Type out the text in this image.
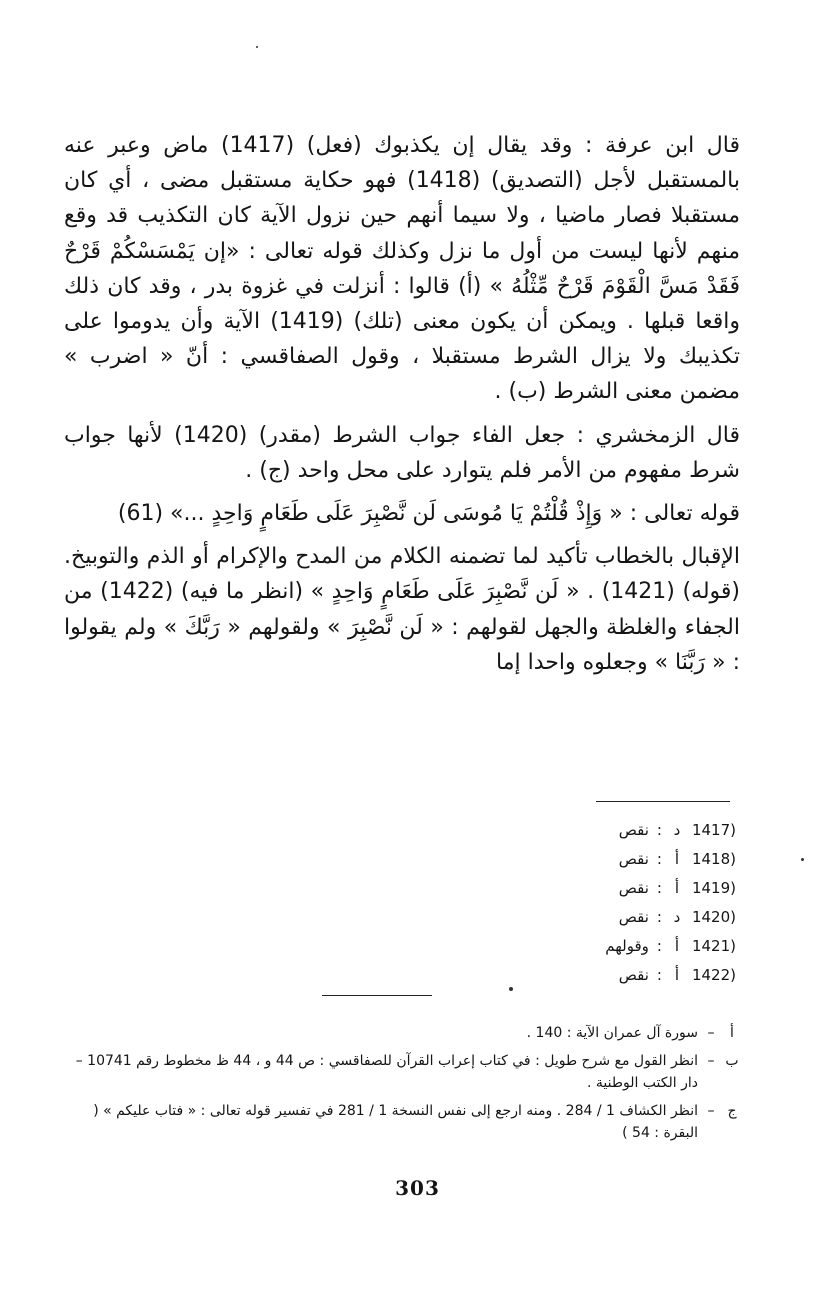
قال ابن عرفة : وقد يقال إن يكذبوك (فعل) (1417) ماض وعبر عنه بالمستقبل لأجل (التصديق) (1418) فهو حكاية مستقبل مضى ، أي كان مستقبلا فصار ماضيا ، ولا سيما أنهم حين نزول الآية كان التكذيب قد وقع منهم لأنها ليست من أول ما نزل وكذلك قوله تعالى : «إن يَمْسَسْكُمْ قَرْحٌ فَقَدْ مَسَّ الْقَوْمَ قَرْحٌ مِّثْلُهُ » (أ) قالوا : أنزلت في غزوة بدر ، وقد كان ذلك واقعا قبلها . ويمكن أن يكون معنى (تلك) (1419) الآية وأن يدوموا على تكذيبك ولا يزال الشرط مستقبلا ، وقول الصفاقسي : أنّ « اضرب » مضمن معنى الشرط (ب) .

قال الزمخشري : جعل الفاء جواب الشرط (مقدر) (1420) لأنها جواب شرط مفهوم من الأمر فلم يتوارد على محل واحد (ج) .

قوله تعالى : « وَإِذْ قُلْتُمْ يَا مُوسَى لَن نَّصْبِرَ عَلَى طَعَامٍ وَاحِدٍ ...» (61)

الإقبال بالخطاب تأكيد لما تضمنه الكلام من المدح والإكرام أو الذم والتوبيخ. (قوله) (1421) . « لَن نَّصْبِرَ عَلَى طَعَامٍ وَاحِدٍ » (انظر ما فيه) (1422) من الجفاء والغلظة والجهل لقولهم : « لَن نَّصْبِرَ » ولقولهم « رَبَّكَ » ولم يقولوا : « رَبَّنَا » وجعلوه واحدا إما

(1417
د
:
نقص
(1418
أ
:
نقص
(1419
أ
:
نقص
(1420
د
:
نقص
(1421
أ
:
وقولهم
(1422
أ
:
نقص
أ
–
سورة آل عمران الآية : 140 .
ب
–
انظر القول مع شرح طويل : في كتاب إعراب القرآن للصفاقسي : ص 44 و ، 44 ظ مخطوط رقم 10741 – دار الكتب الوطنية .
ج
–
انظر الكشاف 1 / 284 . ومنه ارجع إلى نفس النسخة 1 / 281 في تفسير قوله تعالى : « فتاب عليكم » ( البقرة : 54 )
303
